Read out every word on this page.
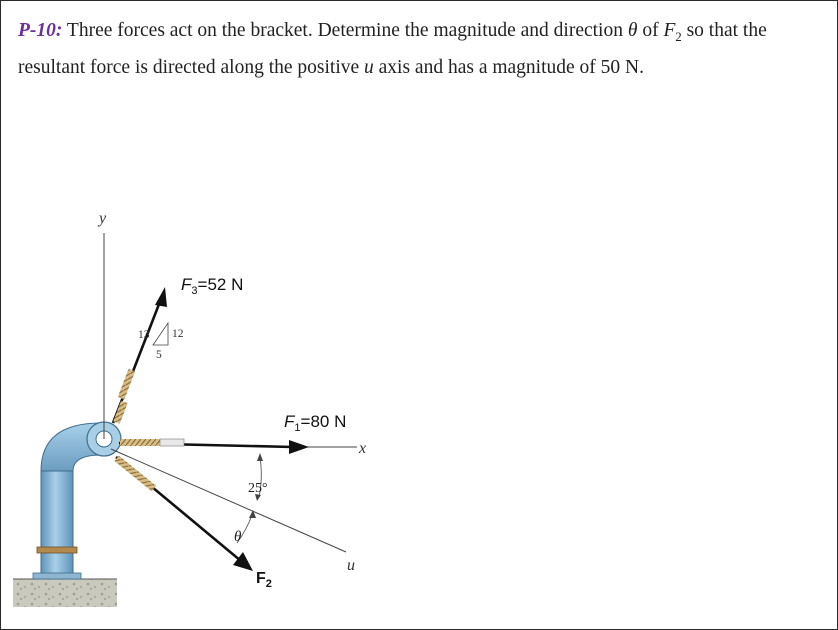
P-10: Three forces act on the bracket. Determine the magnitude and direction θ of $F_2$ so that the resultant force is directed along the positive u axis and has a magnitude of 50 N.

y
x
u
$F_3=52$ N
13 12
5
$F_1=80$ N
$F_2$
25°
θ
